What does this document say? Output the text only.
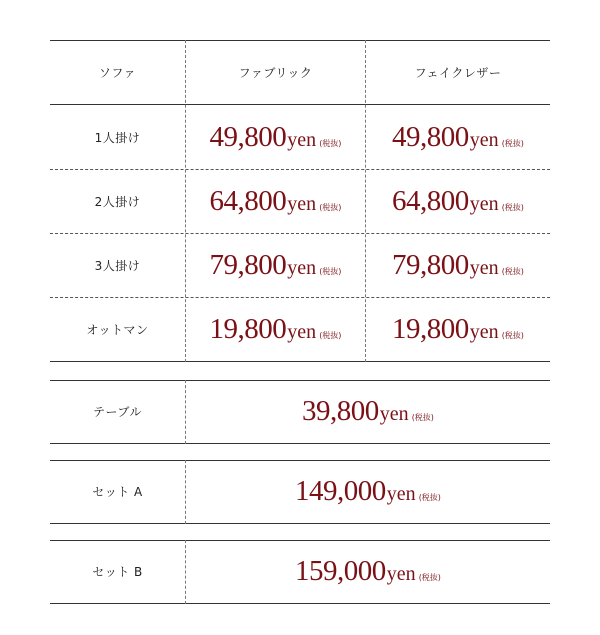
ソファ	ファブリック	フェイクレザー
1人掛け	49,800 yen (税抜) 49,800 yen (税抜)
2人掛け	64,800 yen (税抜) 64,800 yen (税抜)
3人掛け	79,800 yen (税抜) 79,800 yen (税抜)
オットマン	19,800 yen (税抜) 19,800 yen (税抜)
テーブル	39,800 yen (税抜)
セット A	149,000 yen (税抜)
セット B	159,000 yen (税抜)
